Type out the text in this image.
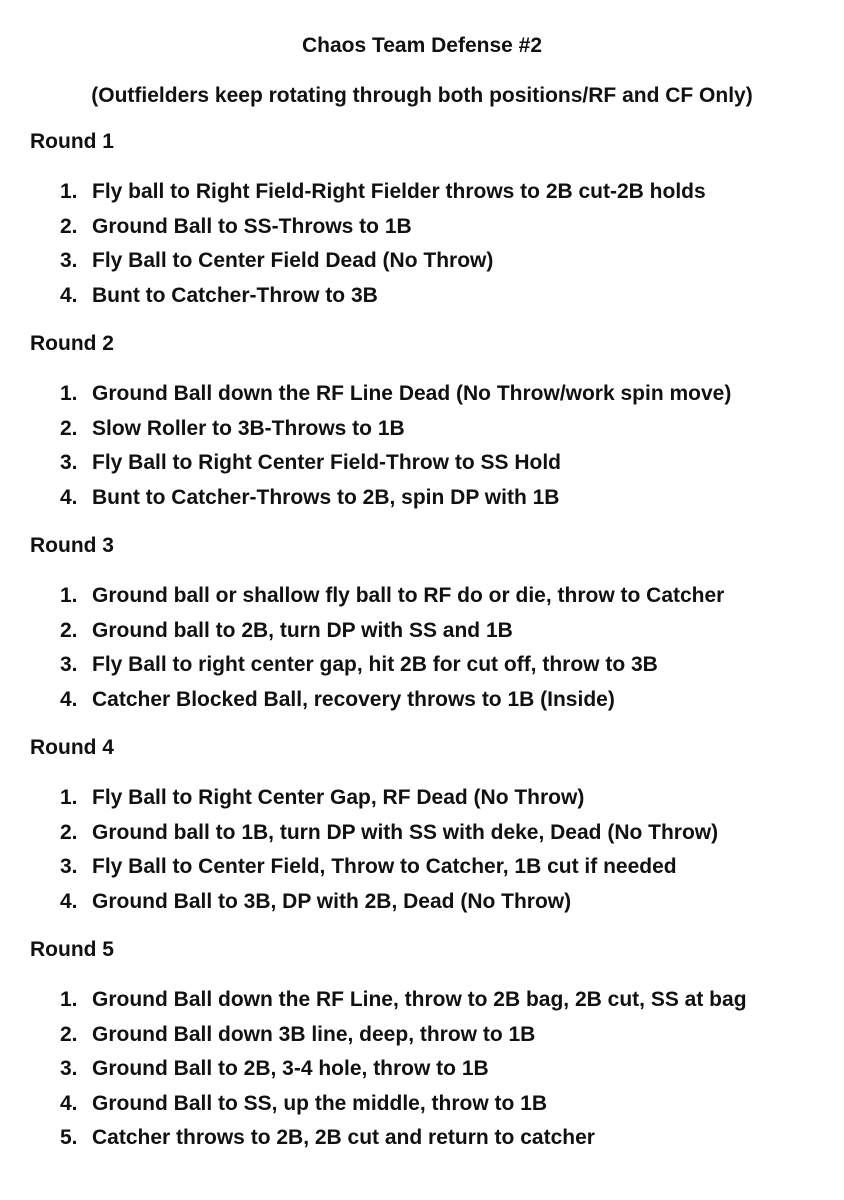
Chaos Team Defense #2

(Outfielders keep rotating through both positions/RF and CF Only)

Round 1
1. Fly ball to Right Field-Right Fielder throws to 2B cut-2B holds
2. Ground Ball to SS-Throws to 1B
3. Fly Ball to Center Field Dead (No Throw)
4. Bunt to Catcher-Throw to 3B
Round 2
1. Ground Ball down the RF Line Dead (No Throw/work spin move)
2. Slow Roller to 3B-Throws to 1B
3. Fly Ball to Right Center Field-Throw to SS Hold
4. Bunt to Catcher-Throws to 2B, spin DP with 1B
Round 3
1. Ground ball or shallow fly ball to RF do or die, throw to Catcher
2. Ground ball to 2B, turn DP with SS and 1B
3. Fly Ball to right center gap, hit 2B for cut off, throw to 3B
4. Catcher Blocked Ball, recovery throws to 1B (Inside)
Round 4
1. Fly Ball to Right Center Gap, RF Dead (No Throw)
2. Ground ball to 1B, turn DP with SS with deke, Dead (No Throw)
3. Fly Ball to Center Field, Throw to Catcher, 1B cut if needed
4. Ground Ball to 3B, DP with 2B, Dead (No Throw)
Round 5
1. Ground Ball down the RF Line, throw to 2B bag, 2B cut, SS at bag
2. Ground Ball down 3B line, deep, throw to 1B
3. Ground Ball to 2B, 3-4 hole, throw to 1B
4. Ground Ball to SS, up the middle, throw to 1B
5. Catcher throws to 2B, 2B cut and return to catcher
